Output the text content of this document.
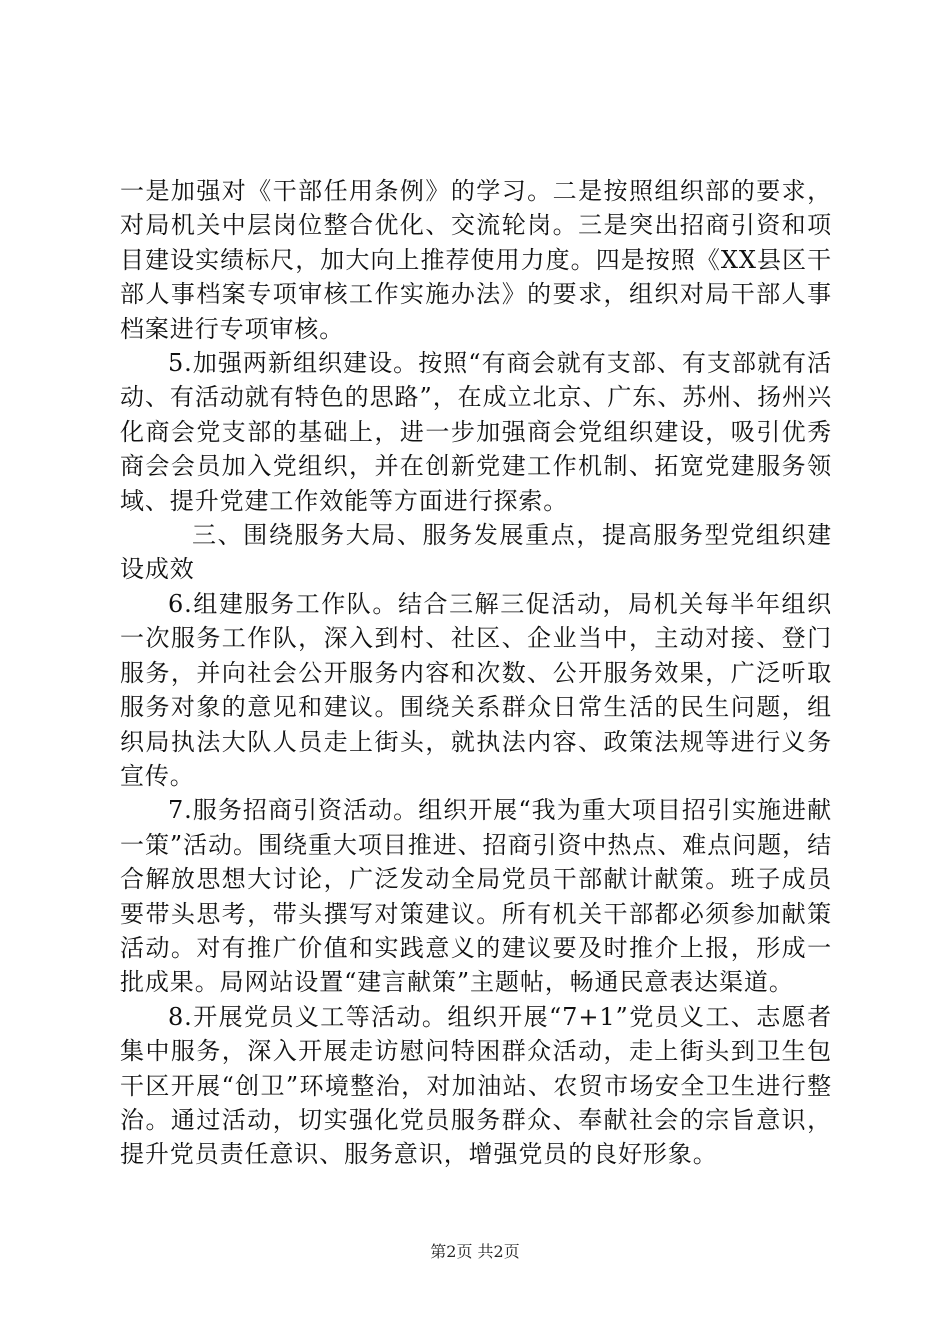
一是加强对《干部任用条例》的学习。二是按照组织部的要求，对局机关中层岗位整合优化、交流轮岗。三是突出招商引资和项目建设实绩标尺，加大向上推荐使用力度。四是按照《XX县区干部人事档案专项审核工作实施办法》的要求，组织对局干部人事档案进行专项审核。

5.加强两新组织建设。按照“有商会就有支部、有支部就有活动、有活动就有特色的思路”，在成立北京、广东、苏州、扬州兴化商会党支部的基础上，进一步加强商会党组织建设，吸引优秀商会会员加入党组织，并在创新党建工作机制、拓宽党建服务领域、提升党建工作效能等方面进行探索。

三、围绕服务大局、服务发展重点，提高服务型党组织建设成效

6.组建服务工作队。结合三解三促活动，局机关每半年组织一次服务工作队，深入到村、社区、企业当中，主动对接、登门服务，并向社会公开服务内容和次数、公开服务效果，广泛听取服务对象的意见和建议。围绕关系群众日常生活的民生问题，组织局执法大队人员走上街头，就执法内容、政策法规等进行义务宣传。

7.服务招商引资活动。组织开展“我为重大项目招引实施进献一策”活动。围绕重大项目推进、招商引资中热点、难点问题，结合解放思想大讨论，广泛发动全局党员干部献计献策。班子成员要带头思考，带头撰写对策建议。所有机关干部都必须参加献策活动。对有推广价值和实践意义的建议要及时推介上报，形成一批成果。局网站设置“建言献策”主题帖，畅通民意表达渠道。

8.开展党员义工等活动。组织开展“7+1”党员义工、志愿者集中服务，深入开展走访慰问特困群众活动，走上街头到卫生包干区开展“创卫”环境整治，对加油站、农贸市场安全卫生进行整治。通过活动，切实强化党员服务群众、奉献社会的宗旨意识，提升党员责任意识、服务意识，增强党员的良好形象。

第2页 共2页
